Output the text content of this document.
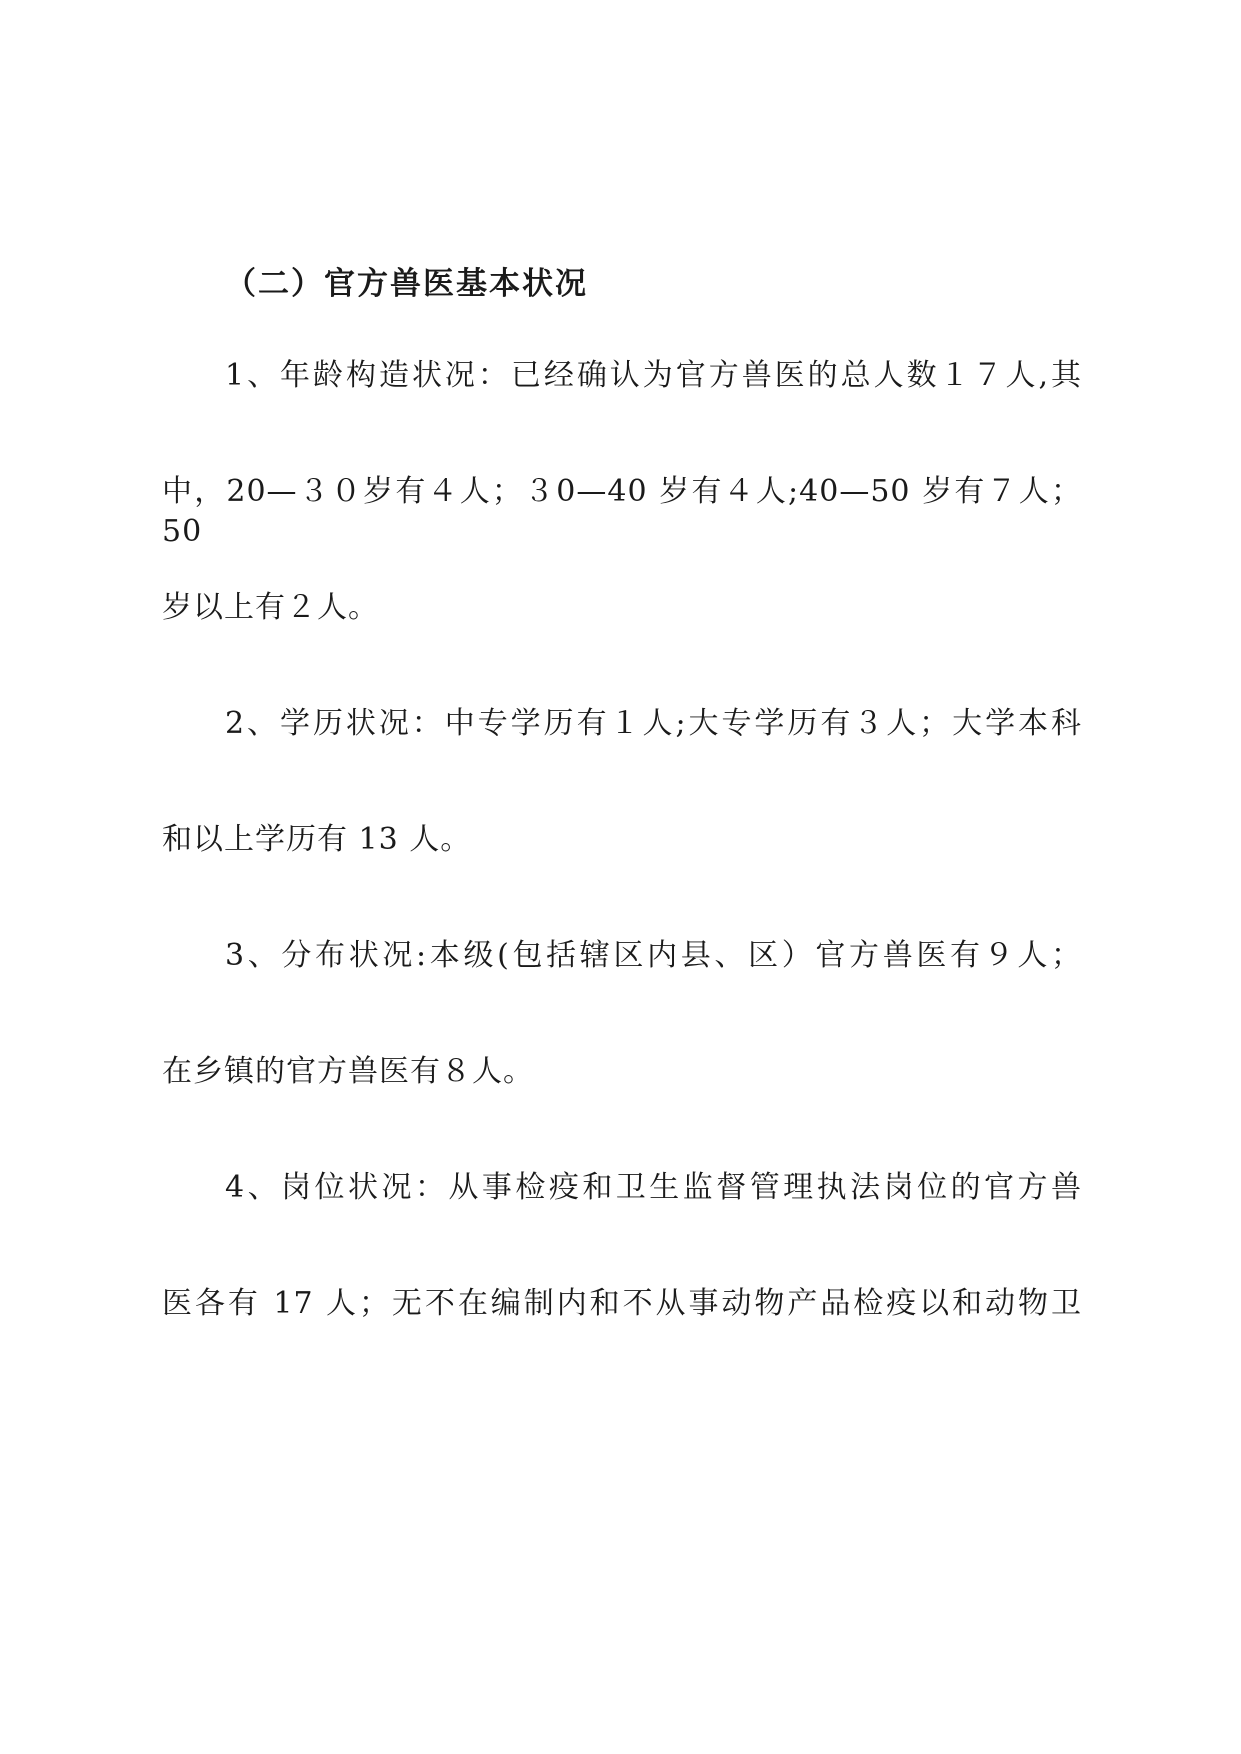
（二）官方兽医基本状况
1、年龄构造状况：已经确认为官方兽医的总人数１７人,其
中，20—３０岁有４人；３0—40 岁有４人;40—50 岁有７人；50
岁以上有２人。
2、学历状况：中专学历有１人;大专学历有３人；大学本科
和以上学历有 13 人。
3、分布状况:本级(包括辖区内县、区）官方兽医有９人；
在乡镇的官方兽医有８人。
4、岗位状况：从事检疫和卫生监督管理执法岗位的官方兽
医各有 17 人；无不在编制内和不从事动物产品检疫以和动物卫
